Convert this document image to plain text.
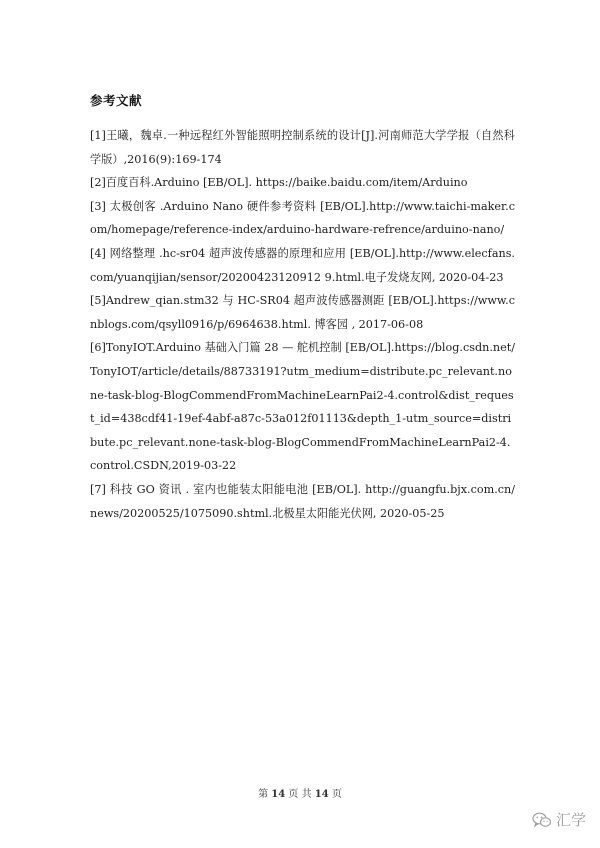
参考文献

[1]王曦，魏卓.一种远程红外智能照明控制系统的设计[J].河南师范大学学报（自然科学版）,2016(9):169-174

[2]百度百科.Arduino [EB/OL]. https://baike.baidu.com/item/Arduino

[3] 太极创客 .Arduino Nano 硬件参考资料 [EB/OL].http://www.taichi-maker.com/homepage/reference-index/arduino-hardware-refrence/arduino-nano/

[4] 网络整理 .hc-sr04 超声波传感器的原理和应用 [EB/OL].http://www.elecfans.com/yuanqijian/sensor/20200423120912 9.html.电子发烧友网, 2020-04-23

[5]Andrew_qian.stm32 与 HC-SR04 超声波传感器测距 [EB/OL].https://www.cnblogs.com/qsyll0916/p/6964638.html. 博客园 , 2017-06-08

[6]TonyIOT.Arduino 基础入门篇 28 — 舵机控制 [EB/OL].https://blog.csdn.net/TonyIOT/article/details/88733191?utm_medium=distribute.pc_relevant.none-task-blog-BlogCommendFromMachineLearnPai2-4.control&dist_request_id=438cdf41-19ef-4abf-a87c-53a012f01113&depth_1-utm_source=distribute.pc_relevant.none-task-blog-BlogCommendFromMachineLearnPai2-4.control.CSDN,2019-03-22

[7] 科技 GO 资讯 . 室内也能装太阳能电池 [EB/OL]. http://guangfu.bjx.com.cn/news/20200525/1075090.shtml.北极星太阳能光伏网, 2020-05-25

第 14 页 共 14 页
汇学
